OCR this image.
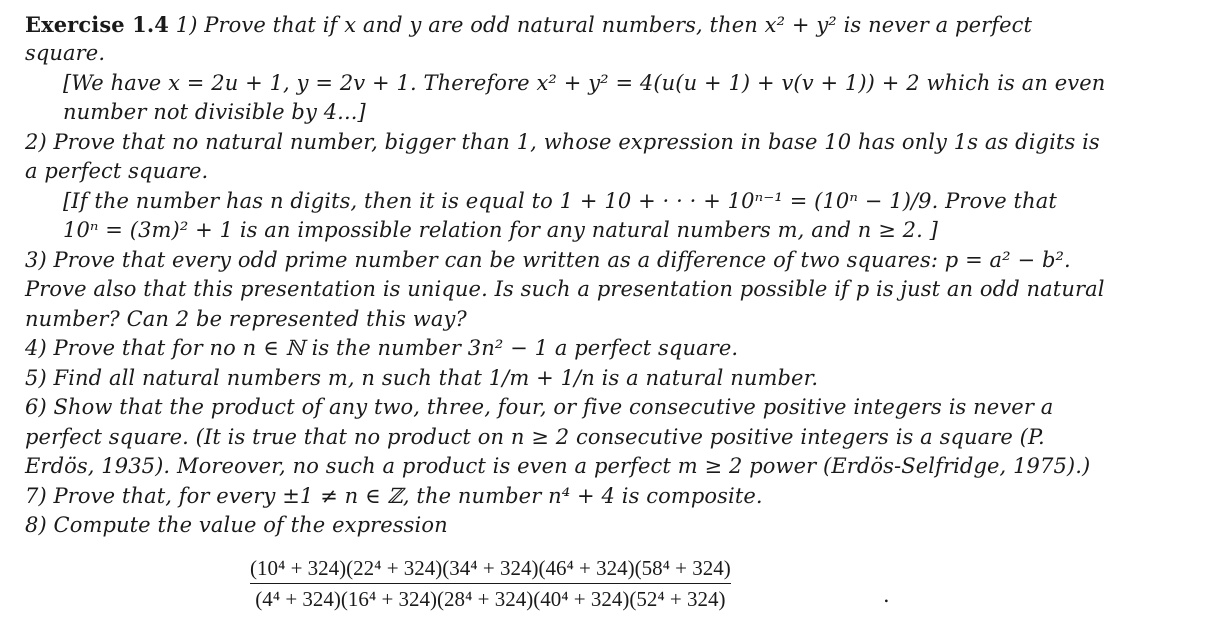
Exercise 1.4 1) Prove that if x and y are odd natural numbers, then x² + y² is never a perfect
square.
[We have x = 2u + 1, y = 2v + 1. Therefore x² + y² = 4(u(u + 1) + v(v + 1)) + 2 which is an even
number not divisible by 4...]
2) Prove that no natural number, bigger than 1, whose expression in base 10 has only 1s as digits is
a perfect square.
[If the number has n digits, then it is equal to 1 + 10 + · · · + 10ⁿ⁻¹ = (10ⁿ − 1)/9. Prove that
10ⁿ = (3m)² + 1 is an impossible relation for any natural numbers m, and n ≥ 2. ]
3) Prove that every odd prime number can be written as a difference of two squares: p = a² − b².
Prove also that this presentation is unique. Is such a presentation possible if p is just an odd natural
number? Can 2 be represented this way?
4) Prove that for no n ∈ ℕ is the number 3n² − 1 a perfect square.
5) Find all natural numbers m, n such that 1/m + 1/n is a natural number.
6) Show that the product of any two, three, four, or five consecutive positive integers is never a
perfect square. (It is true that no product on n ≥ 2 consecutive positive integers is a square (P.
Erdös, 1935). Moreover, no such a product is even a perfect m ≥ 2 power (Erdös-Selfridge, 1975).)
7) Prove that, for every ±1 ≠ n ∈ ℤ, the number n⁴ + 4 is composite.
8) Compute the value of the expression
(10⁴ + 324)(22⁴ + 324)(34⁴ + 324)(46⁴ + 324)(58⁴ + 324)
(4⁴ + 324)(16⁴ + 324)(28⁴ + 324)(40⁴ + 324)(52⁴ + 324)	.
